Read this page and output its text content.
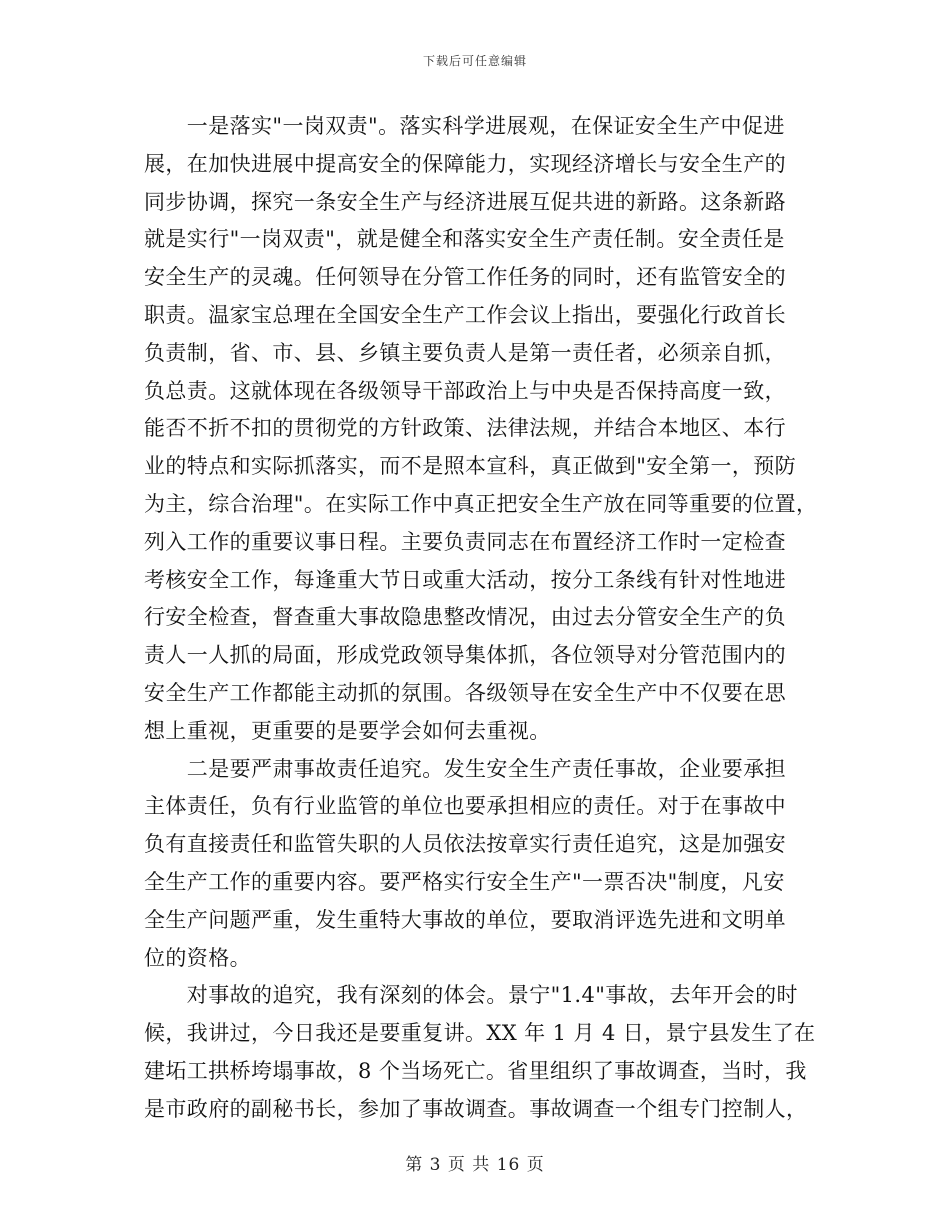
下载后可任意编辑
　　一是落实"一岗双责"。落实科学进展观，在保证安全生产中促进
展，在加快进展中提高安全的保障能力，实现经济增长与安全生产的
同步协调，探究一条安全生产与经济进展互促共进的新路。这条新路
就是实行"一岗双责"，就是健全和落实安全生产责任制。安全责任是
安全生产的灵魂。任何领导在分管工作任务的同时，还有监管安全的
职责。温家宝总理在全国安全生产工作会议上指出，要强化行政首长
负责制，省、市、县、乡镇主要负责人是第一责任者，必须亲自抓，
负总责。这就体现在各级领导干部政治上与中央是否保持高度一致，
能否不折不扣的贯彻党的方针政策、法律法规，并结合本地区、本行
业的特点和实际抓落实，而不是照本宣科，真正做到"安全第一，预防
为主，综合治理"。在实际工作中真正把安全生产放在同等重要的位置，
列入工作的重要议事日程。主要负责同志在布置经济工作时一定检查
考核安全工作，每逢重大节日或重大活动，按分工条线有针对性地进
行安全检查，督查重大事故隐患整改情况，由过去分管安全生产的负
责人一人抓的局面，形成党政领导集体抓，各位领导对分管范围内的
安全生产工作都能主动抓的氛围。各级领导在安全生产中不仅要在思
想上重视，更重要的是要学会如何去重视。
　　二是要严肃事故责任追究。发生安全生产责任事故，企业要承担
主体责任，负有行业监管的单位也要承担相应的责任。对于在事故中
负有直接责任和监管失职的人员依法按章实行责任追究，这是加强安
全生产工作的重要内容。要严格实行安全生产"一票否决"制度，凡安
全生产问题严重，发生重特大事故的单位，要取消评选先进和文明单
位的资格。
　　对事故的追究，我有深刻的体会。景宁"1.4"事故，去年开会的时
候，我讲过，今日我还是要重复讲。XX 年 1 月 4 日，景宁县发生了在
建坧工拱桥垮塌事故，8 个当场死亡。省里组织了事故调查，当时，我
是市政府的副秘书长，参加了事故调查。事故调查一个组专门控制人，
第 3 页 共 16 页
